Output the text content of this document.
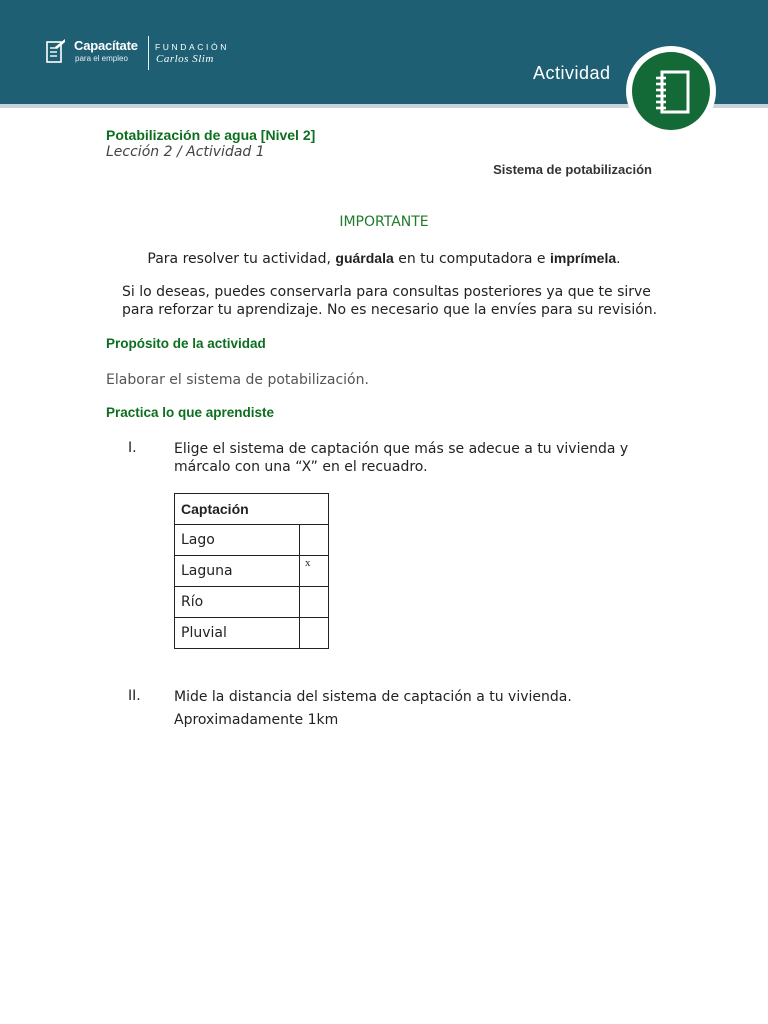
Capacítate
para el empleo
FUNDACIÓN
Carlos Slim
Actividad
Potabilización de agua [Nivel 2]
Lección 2 / Actividad 1
Sistema de potabilización
IMPORTANTE
Para resolver tu actividad, guárdala en tu computadora e imprímela.
Si lo deseas, puedes conservarla para consultas posteriores ya que te sirve
para reforzar tu aprendizaje. No es necesario que la envíes para su revisión.
Propósito de la actividad
Elaborar el sistema de potabilización.
Practica lo que aprendiste
I.	Elige el sistema de captación que más se adecue a tu vivienda y
márcalo con una “X” en el recuadro.
Captación	
Lago	
Laguna	x
Río	
Pluvial	
II. Mide la distancia del sistema de captación a tu vivienda.
Aproximadamente 1km
